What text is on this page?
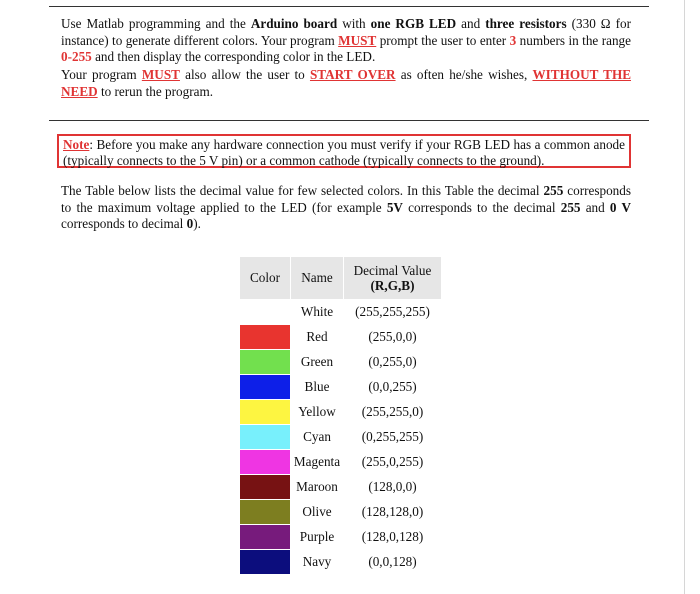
Use Matlab programming and the Arduino board with one RGB LED and three resistors (330 Ω for instance) to generate different colors. Your program MUST prompt the user to enter 3 numbers in the range 0-255 and then display the corresponding color in the LED.

Your program MUST also allow the user to START OVER as often he/she wishes, WITHOUT THE NEED to rerun the program.

Note: Before you make any hardware connection you must verify if your RGB LED has a common anode (typically connects to the 5 V pin) or a common cathode (typically connects to the ground).

The Table below lists the decimal value for few selected colors. In this Table the decimal 255 corresponds to the maximum voltage applied to the LED (for example 5V corresponds to the decimal 255 and 0 V corresponds to decimal 0).

Color	Name	Decimal Value
(R,G,B)

	White	(255,255,255)
	Red	(255,0,0)
	Green	(0,255,0)
	Blue	(0,0,255)
	Yellow	(255,255,0)
	Cyan	(0,255,255)
	Magenta	(255,0,255)
	Maroon	(128,0,0)
	Olive	(128,128,0)
	Purple	(128,0,128)
	Navy	(0,0,128)
